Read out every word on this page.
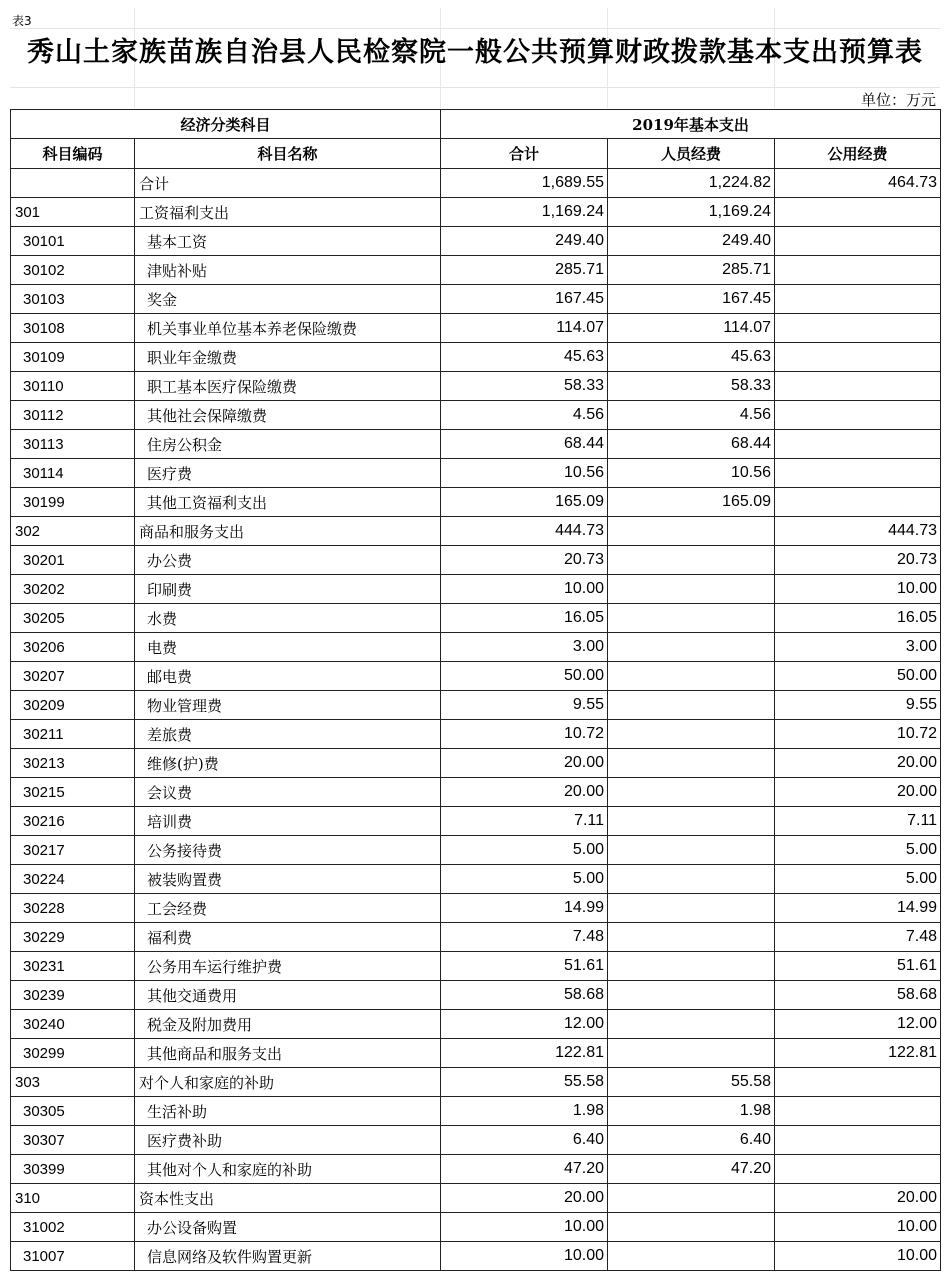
表3
秀山土家族苗族自治县人民检察院一般公共预算财政拨款基本支出预算表
单位：万元
经济分类科目		2019年基本支出		
科目编码	科目名称	合计	人员经费	公用经费
	合计	1,689.55	1,224.82	464.73
301	工资福利支出	1,169.24	1,169.24	
30101	基本工资	249.40	249.40	
30102	津贴补贴	285.71	285.71	
30103	奖金	167.45	167.45	
30108	机关事业单位基本养老保险缴费	114.07	114.07	
30109	职业年金缴费	45.63	45.63	
30110	职工基本医疗保险缴费	58.33	58.33	
30112	其他社会保障缴费	4.56	4.56	
30113	住房公积金	68.44	68.44	
30114	医疗费	10.56	10.56	
30199	其他工资福利支出	165.09	165.09	
302	商品和服务支出	444.73		444.73
30201	办公费	20.73		20.73
30202	印刷费	10.00		10.00
30205	水费	16.05		16.05
30206	电费	3.00		3.00
30207	邮电费	50.00		50.00
30209	物业管理费	9.55		9.55
30211	差旅费	10.72		10.72
30213	维修(护)费	20.00		20.00
30215	会议费	20.00		20.00
30216	培训费	7.11		7.11
30217	公务接待费	5.00		5.00
30224	被装购置费	5.00		5.00
30228	工会经费	14.99		14.99
30229	福利费	7.48		7.48
30231	公务用车运行维护费	51.61		51.61
30239	其他交通费用	58.68		58.68
30240	税金及附加费用	12.00		12.00
30299	其他商品和服务支出	122.81		122.81
303	对个人和家庭的补助	55.58	55.58	
30305	生活补助	1.98	1.98	
30307	医疗费补助	6.40	6.40	
30399	其他对个人和家庭的补助	47.20	47.20	
310	资本性支出	20.00		20.00
31002	办公设备购置	10.00		10.00
31007	信息网络及软件购置更新	10.00		10.00
